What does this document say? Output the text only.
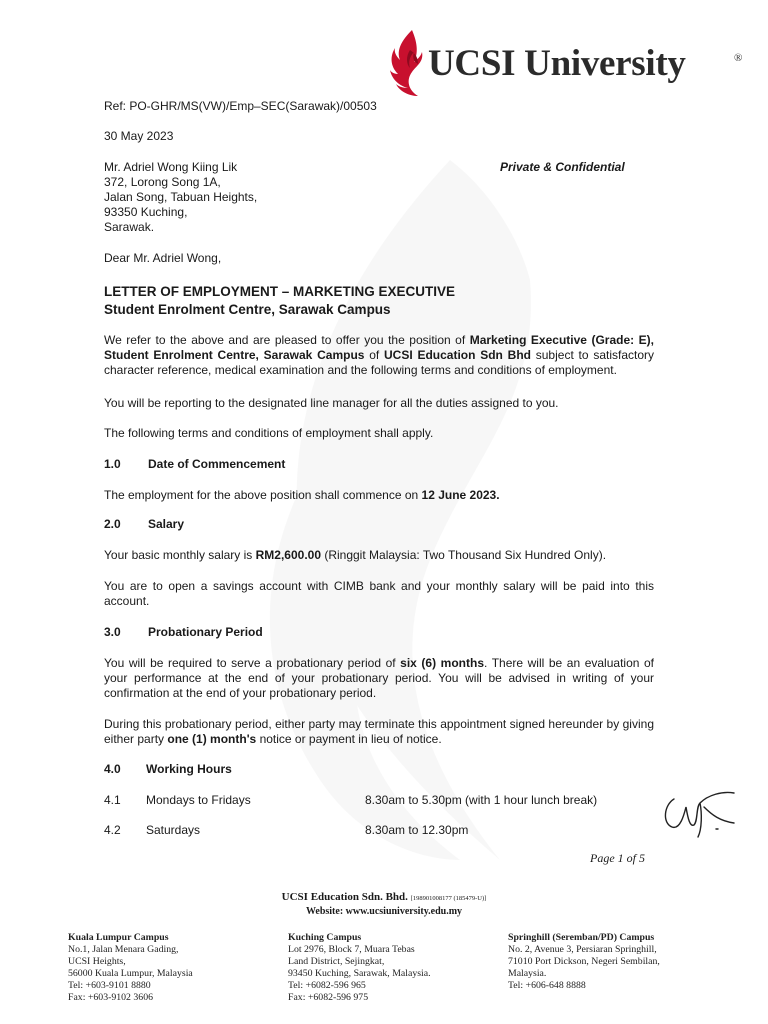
UCSI University	®
Ref: PO-GHR/MS(VW)/Emp–SEC(Sarawak)/00503
30 May 2023
Mr. Adriel Wong Kiing Lik
372, Lorong Song 1A,
Jalan Song, Tabuan Heights,
93350 Kuching,
Sarawak.
Private & Confidential
Dear Mr. Adriel Wong,
LETTER OF EMPLOYMENT – MARKETING EXECUTIVE
Student Enrolment Centre, Sarawak Campus
We refer to the above and are pleased to offer you the position of Marketing Executive (Grade: E), Student Enrolment Centre, Sarawak Campus of UCSI Education Sdn Bhd subject to satisfactory character reference, medical examination and the following terms and conditions of employment.
You will be reporting to the designated line manager for all the duties assigned to you.
The following terms and conditions of employment shall apply.
1.0 Date of Commencement
The employment for the above position shall commence on 12 June 2023.
2.0 Salary
Your basic monthly salary is RM2,600.00 (Ringgit Malaysia: Two Thousand Six Hundred Only).
You are to open a savings account with CIMB bank and your monthly salary will be paid into this account.
3.0 Probationary Period
You will be required to serve a probationary period of six (6) months. There will be an evaluation of your performance at the end of your probationary period. You will be advised in writing of your confirmation at the end of your probationary period.
During this probationary period, either party may terminate this appointment signed hereunder by giving either party one (1) month's notice or payment in lieu of notice.
4.0 Working Hours
4.1 Mondays to Fridays	8.30am to 5.30pm (with 1 hour lunch break)
4.2 Saturdays	8.30am to 12.30pm
Page 1 of 5
UCSI Education Sdn. Bhd. [198901008177 (185479-U)]
Website: www.ucsiuniversity.edu.my
Kuala Lumpur Campus
No.1, Jalan Menara Gading,
UCSI Heights,
56000 Kuala Lumpur, Malaysia
Tel: +603-9101 8880
Fax: +603-9102 3606
Kuching Campus
Lot 2976, Block 7, Muara Tebas
Land District, Sejingkat,
93450 Kuching, Sarawak, Malaysia.
Tel: +6082-596 965
Fax: +6082-596 975
Springhill (Seremban/PD) Campus
No. 2, Avenue 3, Persiaran Springhill,
71010 Port Dickson, Negeri Sembilan,
Malaysia.
Tel: +606-648 8888
